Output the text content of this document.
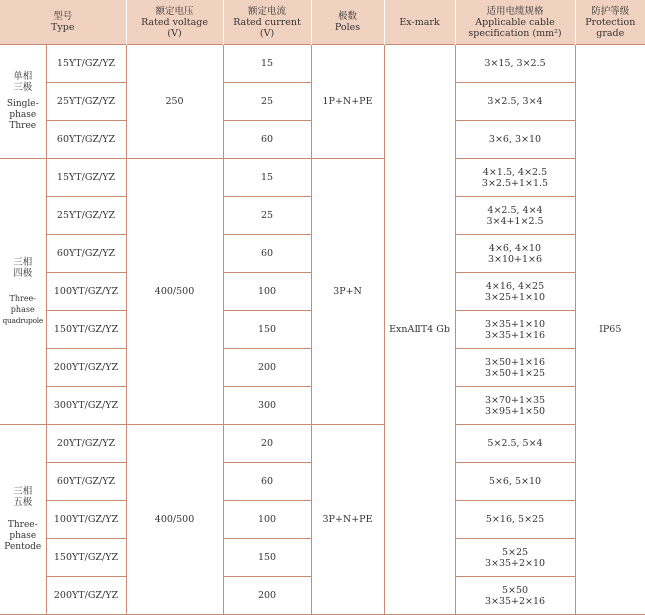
型号
Type		额定电压
Rated voltage
(V)	额定电流
Rated current
(V)	极数
Poles	Ex-mark	适用电缆规格
Applicable cable
specification (mm²)	防护等级
Protection
grade

单相
三极
Single-
phase
Three	15YT/GZ/YZ	250	15	1P+N+PE	ExnAⅡT4 Gb	3×15, 3×2.5	IP65
	25YT/GZ/YZ		25			3×2.5, 3×4	

	60YT/GZ/YZ		60			3×6, 3×10	

三相
四极
Three-
phase
quadrupole	15YT/GZ/YZ	400/500	15	3P+N		4×1.5, 4×2.5
3×2.5+1×1.5	

	25YT/GZ/YZ		25			4×2.5, 4×4
3×4+1×2.5	

	60YT/GZ/YZ		60			4×6, 4×10
3×10+1×6	

	100YT/GZ/YZ		100			4×16, 4×25
3×25+1×10	

	150YT/GZ/YZ		150			3×35+1×10
3×35+1×16	

	200YT/GZ/YZ		200			3×50+1×16
3×50+1×25	

	300YT/GZ/YZ		300			3×70+1×35
3×95+1×50	

三相
五极
Three-
phase
Pentode	20YT/GZ/YZ	400/500	20	3P+N+PE		5×2.5, 5×4	

	60YT/GZ/YZ		60			5×6, 5×10	

	100YT/GZ/YZ		100			5×16, 5×25	

	150YT/GZ/YZ		150			5×25
3×35+2×10	

	200YT/GZ/YZ		200			5×50
3×35+2×16	
